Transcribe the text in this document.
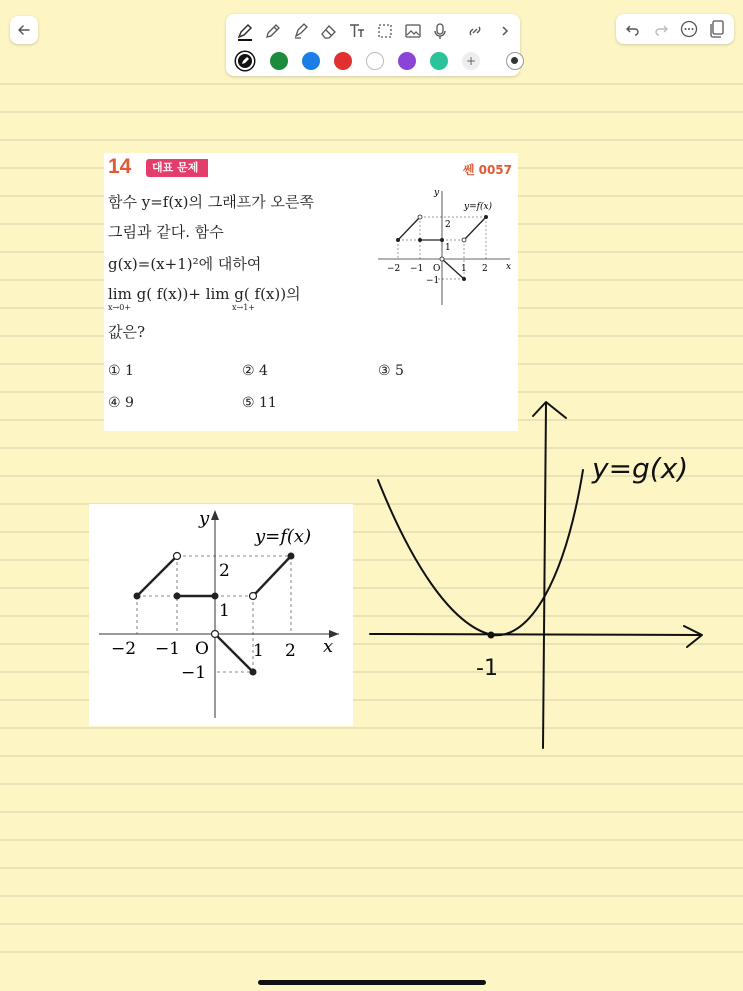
+
14	대표 문제	쎈 0057
함수 y=f(x)의 그래프가 오른쪽
그림과 같다. 함수
g(x)=(x+1)²에 대하여
lim g( f(x))+ lim g( f(x))의
x→0+	x→1+
값은?
① 1	② 4	③ 5
④ 9	⑤ 11
y
x
y=f(x)
O
−2 −1	1 2
2
1
−1
y
x
y=f(x)
O
−2 −1	1 2
2
1
−1	-1
y=g(x)
